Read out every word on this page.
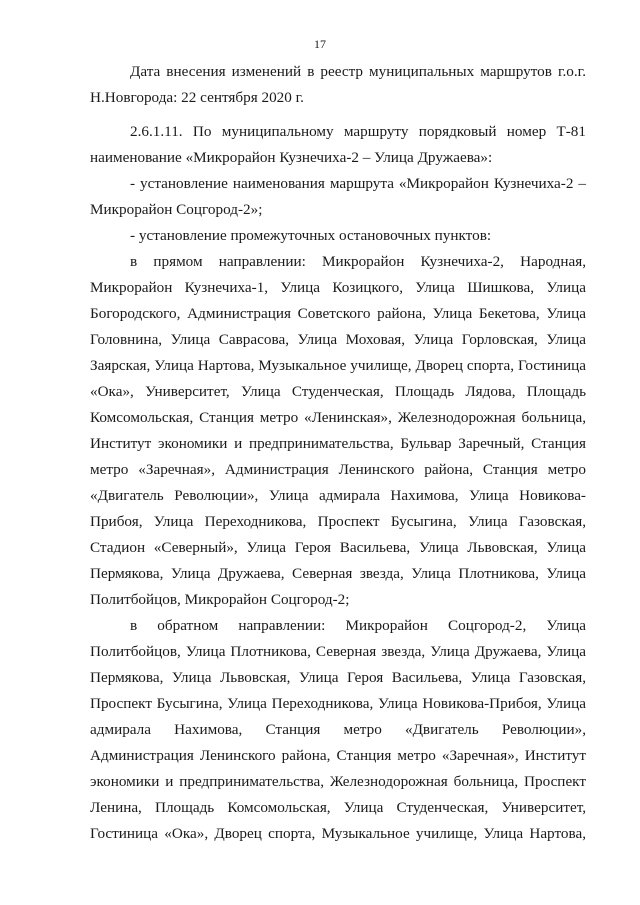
17

Дата внесения изменений в реестр муниципальных маршрутов г.о.г. Н.Новгорода: 22 сентября 2020 г.

2.6.1.11. По муниципальному маршруту порядковый номер Т-81 наименование «Микрорайон Кузнечиха-2 – Улица Дружаева»:

- установление наименования маршрута «Микрорайон Кузнечиха-2 – Микрорайон Соцгород-2»;

- установление промежуточных остановочных пунктов:

в прямом направлении: Микрорайон Кузнечиха-2, Народная, Микрорайон Кузнечиха-1, Улица Козицкого, Улица Шишкова, Улица Богородского, Администрация Советского района, Улица Бекетова, Улица Головнина, Улица Саврасова, Улица Моховая, Улица Горловская, Улица Заярская, Улица Нартова, Музыкальное училище, Дворец спорта, Гостиница «Ока», Университет, Улица Студенческая, Площадь Лядова, Площадь Комсомольская, Станция метро «Ленинская», Железнодорожная больница, Институт экономики и предпринимательства, Бульвар Заречный, Станция метро «Заречная», Администрация Ленинского района, Станция метро «Двигатель Революции», Улица адмирала Нахимова, Улица Новикова-Прибоя, Улица Переходникова, Проспект Бусыгина, Улица Газовская, Стадион «Северный», Улица Героя Васильева, Улица Львовская, Улица Пермякова, Улица Дружаева, Северная звезда, Улица Плотникова, Улица Политбойцов, Микрорайон Соцгород-2;

в обратном направлении: Микрорайон Соцгород-2, Улица Политбойцов, Улица Плотникова, Северная звезда, Улица Дружаева, Улица Пермякова, Улица Львовская, Улица Героя Васильева, Улица Газовская, Проспект Бусыгина, Улица Переходникова, Улица Новикова-Прибоя, Улица адмирала Нахимова, Станция метро «Двигатель Революции», Администрация Ленинского района, Станция метро «Заречная», Институт экономики и предпринимательства, Железнодорожная больница, Проспект Ленина, Площадь Комсомольская, Улица Студенческая, Университет, Гостиница «Ока», Дворец спорта, Музыкальное училище, Улица Нартова,
